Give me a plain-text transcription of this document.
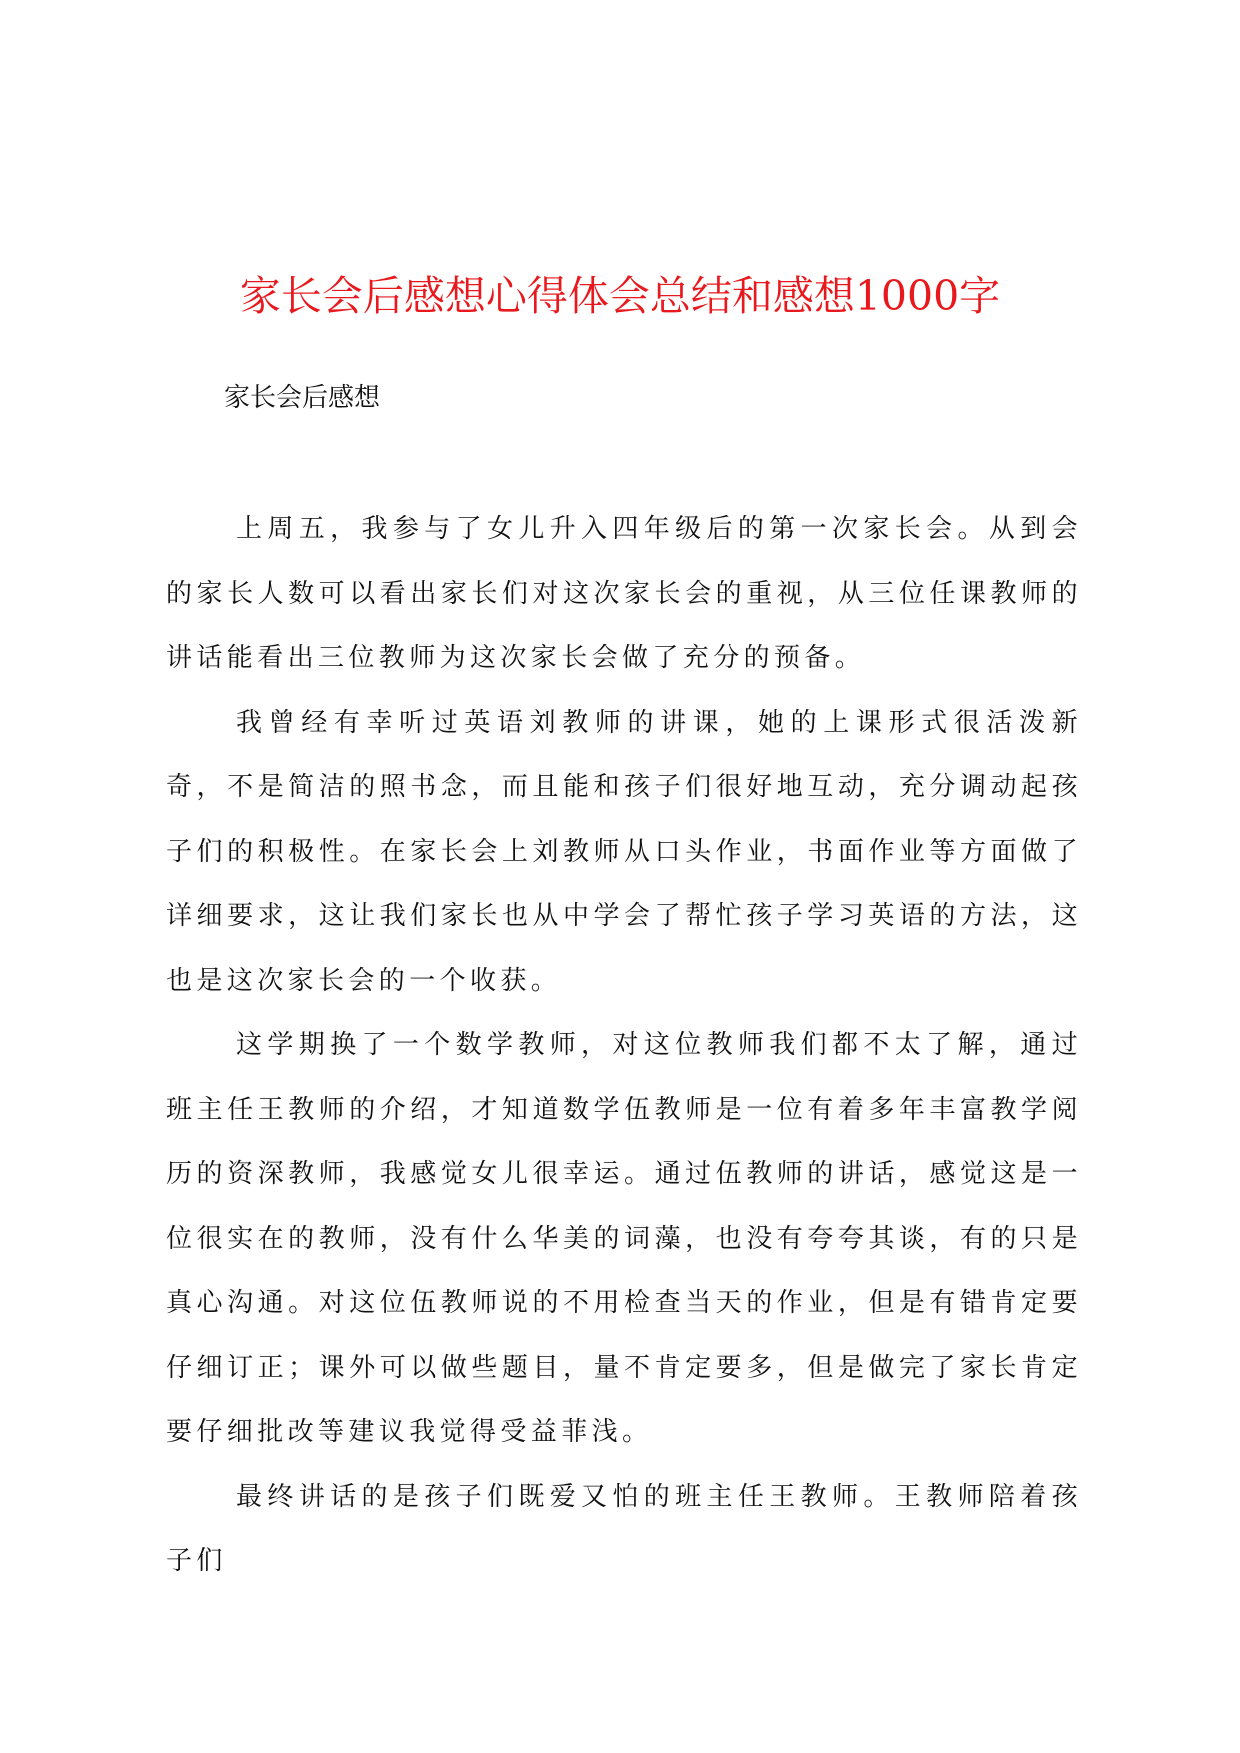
家长会后感想心得体会总结和感想1000字
家长会后感想

上周五，我参与了女儿升入四年级后的第一次家长会。从到会的家长人数可以看出家长们对这次家长会的重视，从三位任课教师的讲话能看出三位教师为这次家长会做了充分的预备。

我曾经有幸听过英语刘教师的讲课，她的上课形式很活泼新奇，不是简洁的照书念，而且能和孩子们很好地互动，充分调动起孩子们的积极性。在家长会上刘教师从口头作业，书面作业等方面做了详细要求，这让我们家长也从中学会了帮忙孩子学习英语的方法，这也是这次家长会的一个收获。

这学期换了一个数学教师，对这位教师我们都不太了解，通过班主任王教师的介绍，才知道数学伍教师是一位有着多年丰富教学阅历的资深教师，我感觉女儿很幸运。通过伍教师的讲话，感觉这是一位很实在的教师，没有什么华美的词藻，也没有夸夸其谈，有的只是真心沟通。对这位伍教师说的不用检查当天的作业，但是有错肯定要仔细订正；课外可以做些题目，量不肯定要多，但是做完了家长肯定要仔细批改等建议我觉得受益菲浅。

最终讲话的是孩子们既爱又怕的班主任王教师。王教师陪着孩子们
